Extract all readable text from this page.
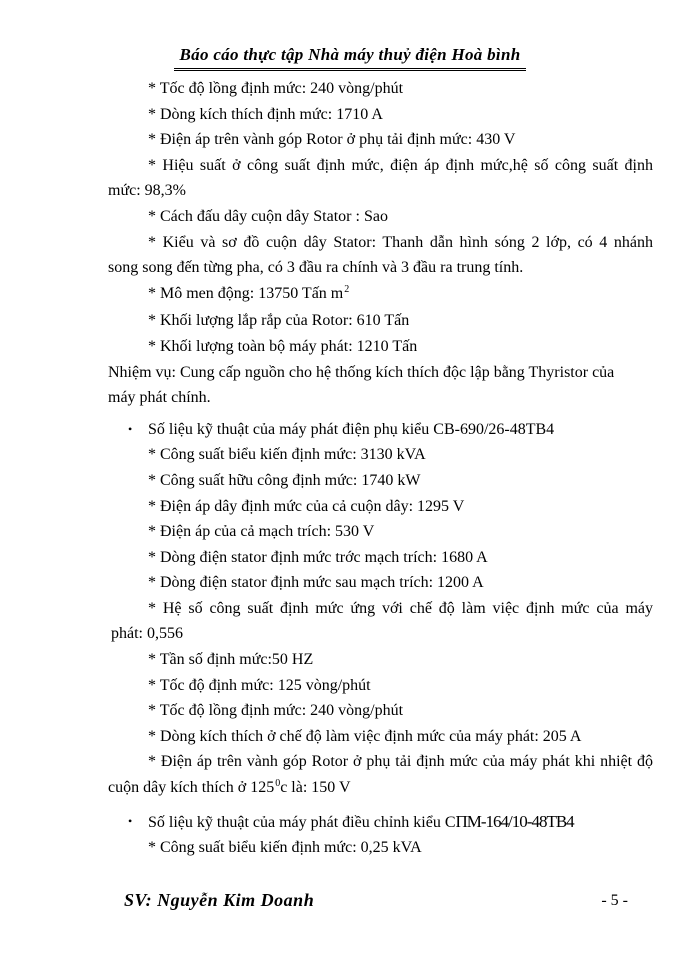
Báo cáo thực tập Nhà máy thuỷ điện Hoà bình
* Tốc độ lồng định mức: 240 vòng/phút
* Dòng kích thích định mức: 1710 A
* Điện áp trên vành góp Rotor ở phụ tải định mức: 430 V
* Hiệu suất ở công suất định mức, điện áp định mức,hệ số công suất định
mức: 98,3%
* Cách đấu dây cuộn dây Stator : Sao
* Kiểu và sơ đồ cuộn dây Stator: Thanh dẫn hình sóng 2 lớp, có 4 nhánh
song song đến từng pha, có 3 đầu ra chính và 3 đầu ra trung tính.
* Mô men động: 13750 Tấn $m^2$
* Khối lượng lắp rắp của Rotor: 610 Tấn
* Khối lượng toàn bộ máy phát: 1210 Tấn
Nhiệm vụ: Cung cấp nguồn cho hệ thống kích thích độc lập bằng Thyristor của
máy phát chính.
• Số liệu kỹ thuật của máy phát điện phụ kiểu CB-690/26-48TB4
* Công suất biểu kiến định mức: 3130 kVA
* Công suất hữu công định mức: 1740 kW
* Điện áp dây định mức của cả cuộn dây: 1295 V
* Điện áp của cả mạch trích: 530 V
* Dòng điện stator định mức trớc mạch trích: 1680 A
* Dòng điện stator định mức sau mạch trích: 1200 A
* Hệ số công suất định mức ứng với chế độ làm việc định mức của máy
phát: 0,556
* Tần số định mức:50 HZ
* Tốc độ định mức: 125 vòng/phút
* Tốc độ lồng định mức: 240 vòng/phút
* Dòng kích thích ở chế độ làm việc định mức của máy phát: 205 A
* Điện áp trên vành góp Rotor ở phụ tải định mức của máy phát khi nhiệt độ
cuộn dây kích thích ở $125^0c$ là: 150 V
• Số liệu kỹ thuật của máy phát điều chỉnh kiểu CПM-164/10-48TB4
* Công suất biểu kiến định mức: 0,25 kVA
SV: Nguyễn Kim Doanh	- 5 -
